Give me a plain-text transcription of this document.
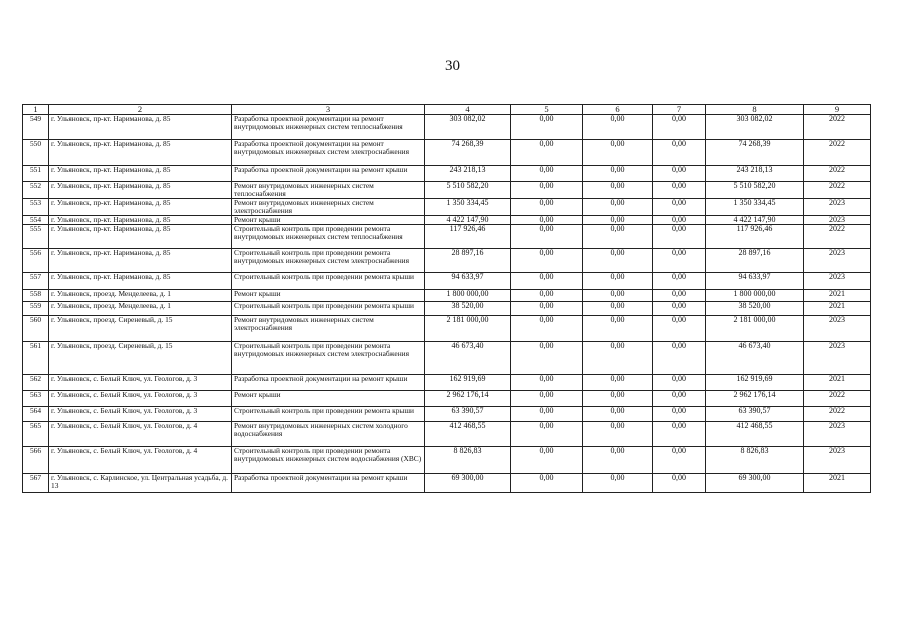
30
1	2	3	4	5	6	7	8	9
549	г. Ульяновск, пр-кт. Нариманова, д. 85	Разработка проектной документации на ремонт внутридомовых инженерных систем теплоснабжения	303 082,02	0,00	0,00	0,00	303 082,02	2022
550	г. Ульяновск, пр-кт. Нариманова, д. 85	Разработка проектной документации на ремонт внутридомовых инженерных систем электроснабжения	74 268,39	0,00	0,00	0,00	74 268,39	2022
551	г. Ульяновск, пр-кт. Нариманова, д. 85	Разработка проектной документации на ремонт крыши	243 218,13	0,00	0,00	0,00	243 218,13	2022
552	г. Ульяновск, пр-кт. Нариманова, д. 85	Ремонт внутридомовых инженерных систем теплоснабжения	5 510 582,20	0,00	0,00	0,00	5 510 582,20	2022
553	г. Ульяновск, пр-кт. Нариманова, д. 85	Ремонт внутридомовых инженерных систем электроснабжения	1 350 334,45	0,00	0,00	0,00	1 350 334,45	2023
554	г. Ульяновск, пр-кт. Нариманова, д. 85	Ремонт крыши	4 422 147,90	0,00	0,00	0,00	4 422 147,90	2023
555	г. Ульяновск, пр-кт. Нариманова, д. 85	Строительный контроль при проведении ремонта внутридомовых инженерных систем теплоснабжения	117 926,46	0,00	0,00	0,00	117 926,46	2022
556	г. Ульяновск, пр-кт. Нариманова, д. 85	Строительный контроль при проведении ремонта внутридомовых инженерных систем электроснабжения	28 897,16	0,00	0,00	0,00	28 897,16	2023
557	г. Ульяновск, пр-кт. Нариманова, д. 85	Строительный контроль при проведении ремонта крыши	94 633,97	0,00	0,00	0,00	94 633,97	2023
558	г. Ульяновск, проезд. Менделеева, д. 1	Ремонт крыши	1 800 000,00	0,00	0,00	0,00	1 800 000,00	2021
559	г. Ульяновск, проезд. Менделеева, д. 1	Строительный контроль при проведении ремонта крыши	38 520,00	0,00	0,00	0,00	38 520,00	2021
560	г. Ульяновск, проезд. Сиреневый, д. 15	Ремонт внутридомовых инженерных систем электроснабжения	2 181 000,00	0,00	0,00	0,00	2 181 000,00	2023
561	г. Ульяновск, проезд. Сиреневый, д. 15	Строительный контроль при проведении ремонта внутридомовых инженерных систем электроснабжения	46 673,40	0,00	0,00	0,00	46 673,40	2023
562	г. Ульяновск, с. Белый Ключ, ул. Геологов, д. 3	Разработка проектной документации на ремонт крыши	162 919,69	0,00	0,00	0,00	162 919,69	2021
563	г. Ульяновск, с. Белый Ключ, ул. Геологов, д. 3	Ремонт крыши	2 962 176,14	0,00	0,00	0,00	2 962 176,14	2022
564	г. Ульяновск, с. Белый Ключ, ул. Геологов, д. 3	Строительный контроль при проведении ремонта крыши	63 390,57	0,00	0,00	0,00	63 390,57	2022
565	г. Ульяновск, с. Белый Ключ, ул. Геологов, д. 4	Ремонт внутридомовых инженерных систем холодного водоснабжения	412 468,55	0,00	0,00	0,00	412 468,55	2023
566	г. Ульяновск, с. Белый Ключ, ул. Геологов, д. 4	Строительный контроль при проведении ремонта внутридомовых инженерных систем водоснабжения (ХВС)	8 826,83	0,00	0,00	0,00	8 826,83	2023
567	г. Ульяновск, с. Карлинское, ул. Центральная усадьба, д. 13	Разработка проектной документации на ремонт крыши	69 300,00	0,00	0,00	0,00	69 300,00	2021
